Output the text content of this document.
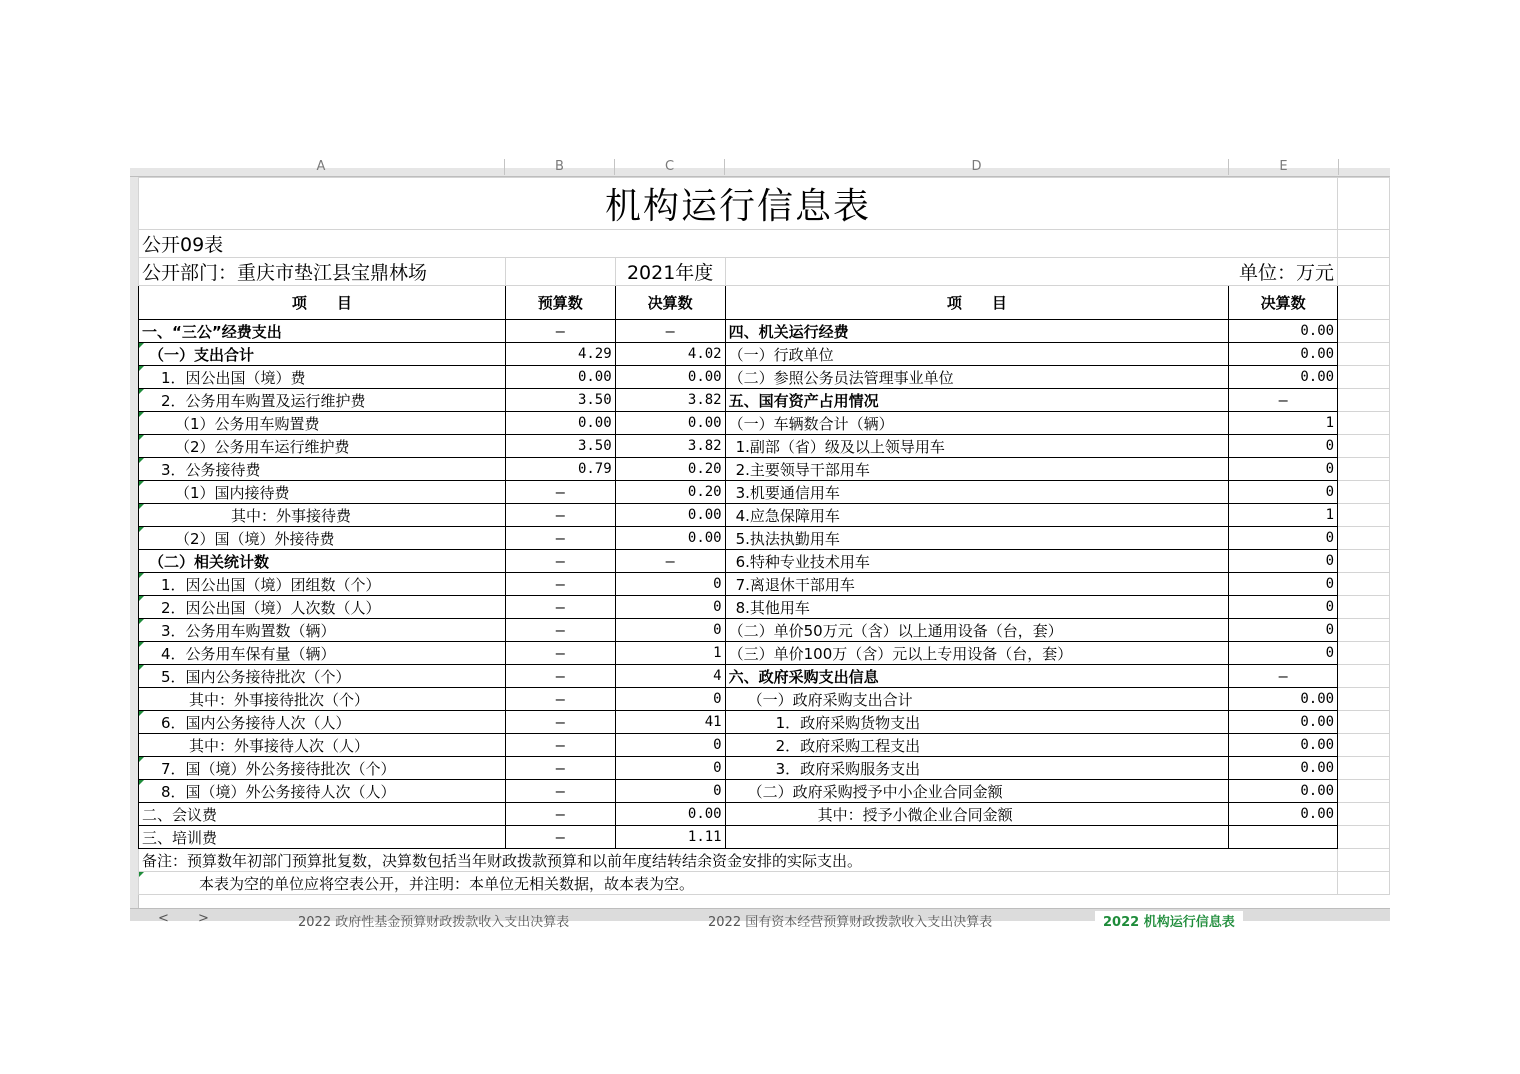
A	B	C	D	E
机构运行信息表					
公开09表					
公开部门：重庆市垫江县宝鼎林场		2021年度	单位：万元		
项　　目	预算数	决算数	项　　目	决算数	
一、“三公”经费支出	—	—	四、机关运行经费	0.00	

（一）支出合计	4.29	4.02	（一）行政单位	0.00	

1．因公出国（境）费	0.00	0.00	（二）参照公务员法管理事业单位	0.00	

2．公务用车购置及运行维护费	3.50	3.82	五、国有资产占用情况	—	

（1）公务用车购置费	0.00	0.00	（一）车辆数合计（辆）	1	

（2）公务用车运行维护费	3.50	3.82	1.副部（省）级及以上领导用车	0	

3．公务接待费	0.79	0.20	2.主要领导干部用车	0	

（1）国内接待费	—	0.20	3.机要通信用车	0	

其中：外事接待费	—	0.00	4.应急保障用车	1	

（2）国（境）外接待费	—	0.00	5.执法执勤用车	0	
（二）相关统计数	—	—	6.特种专业技术用车	0	

1．因公出国（境）团组数（个）	—	0	7.离退休干部用车	0	

2．因公出国（境）人次数（人）	—	0	8.其他用车	0	

3．公务用车购置数（辆）	—	0	（二）单价50万元（含）以上通用设备（台，套）	0	

4．公务用车保有量（辆）	—	1	（三）单价100万（含）元以上专用设备（台，套）	0	

5．国内公务接待批次（个）	—	4	六、政府采购支出信息	—	
其中：外事接待批次（个）	—	0	（一）政府采购支出合计	0.00	

6．国内公务接待人次（人）	—	41	1．政府采购货物支出	0.00	
其中：外事接待人次（人）	—	0	2．政府采购工程支出	0.00	

7．国（境）外公务接待批次（个）	—	0	3．政府采购服务支出	0.00	

8．国（境）外公务接待人次（人）	—	0	（二）政府采购授予中小企业合同金额	0.00	
二、会议费	—	0.00	其中：授予小微企业合同金额	0.00	
三、培训费	—	1.11			
备注：预算数年初部门预算批复数，决算数包括当年财政拨款预算和以前年度结转结余资金安排的实际支出。					

本表为空的单位应将空表公开，并注明：本单位无相关数据，故本表为空。					
<	>	2022 政府性基金预算财政拨款收入支出决算表	2022 国有资本经营预算财政拨款收入支出决算表	2022 机构运行信息表
